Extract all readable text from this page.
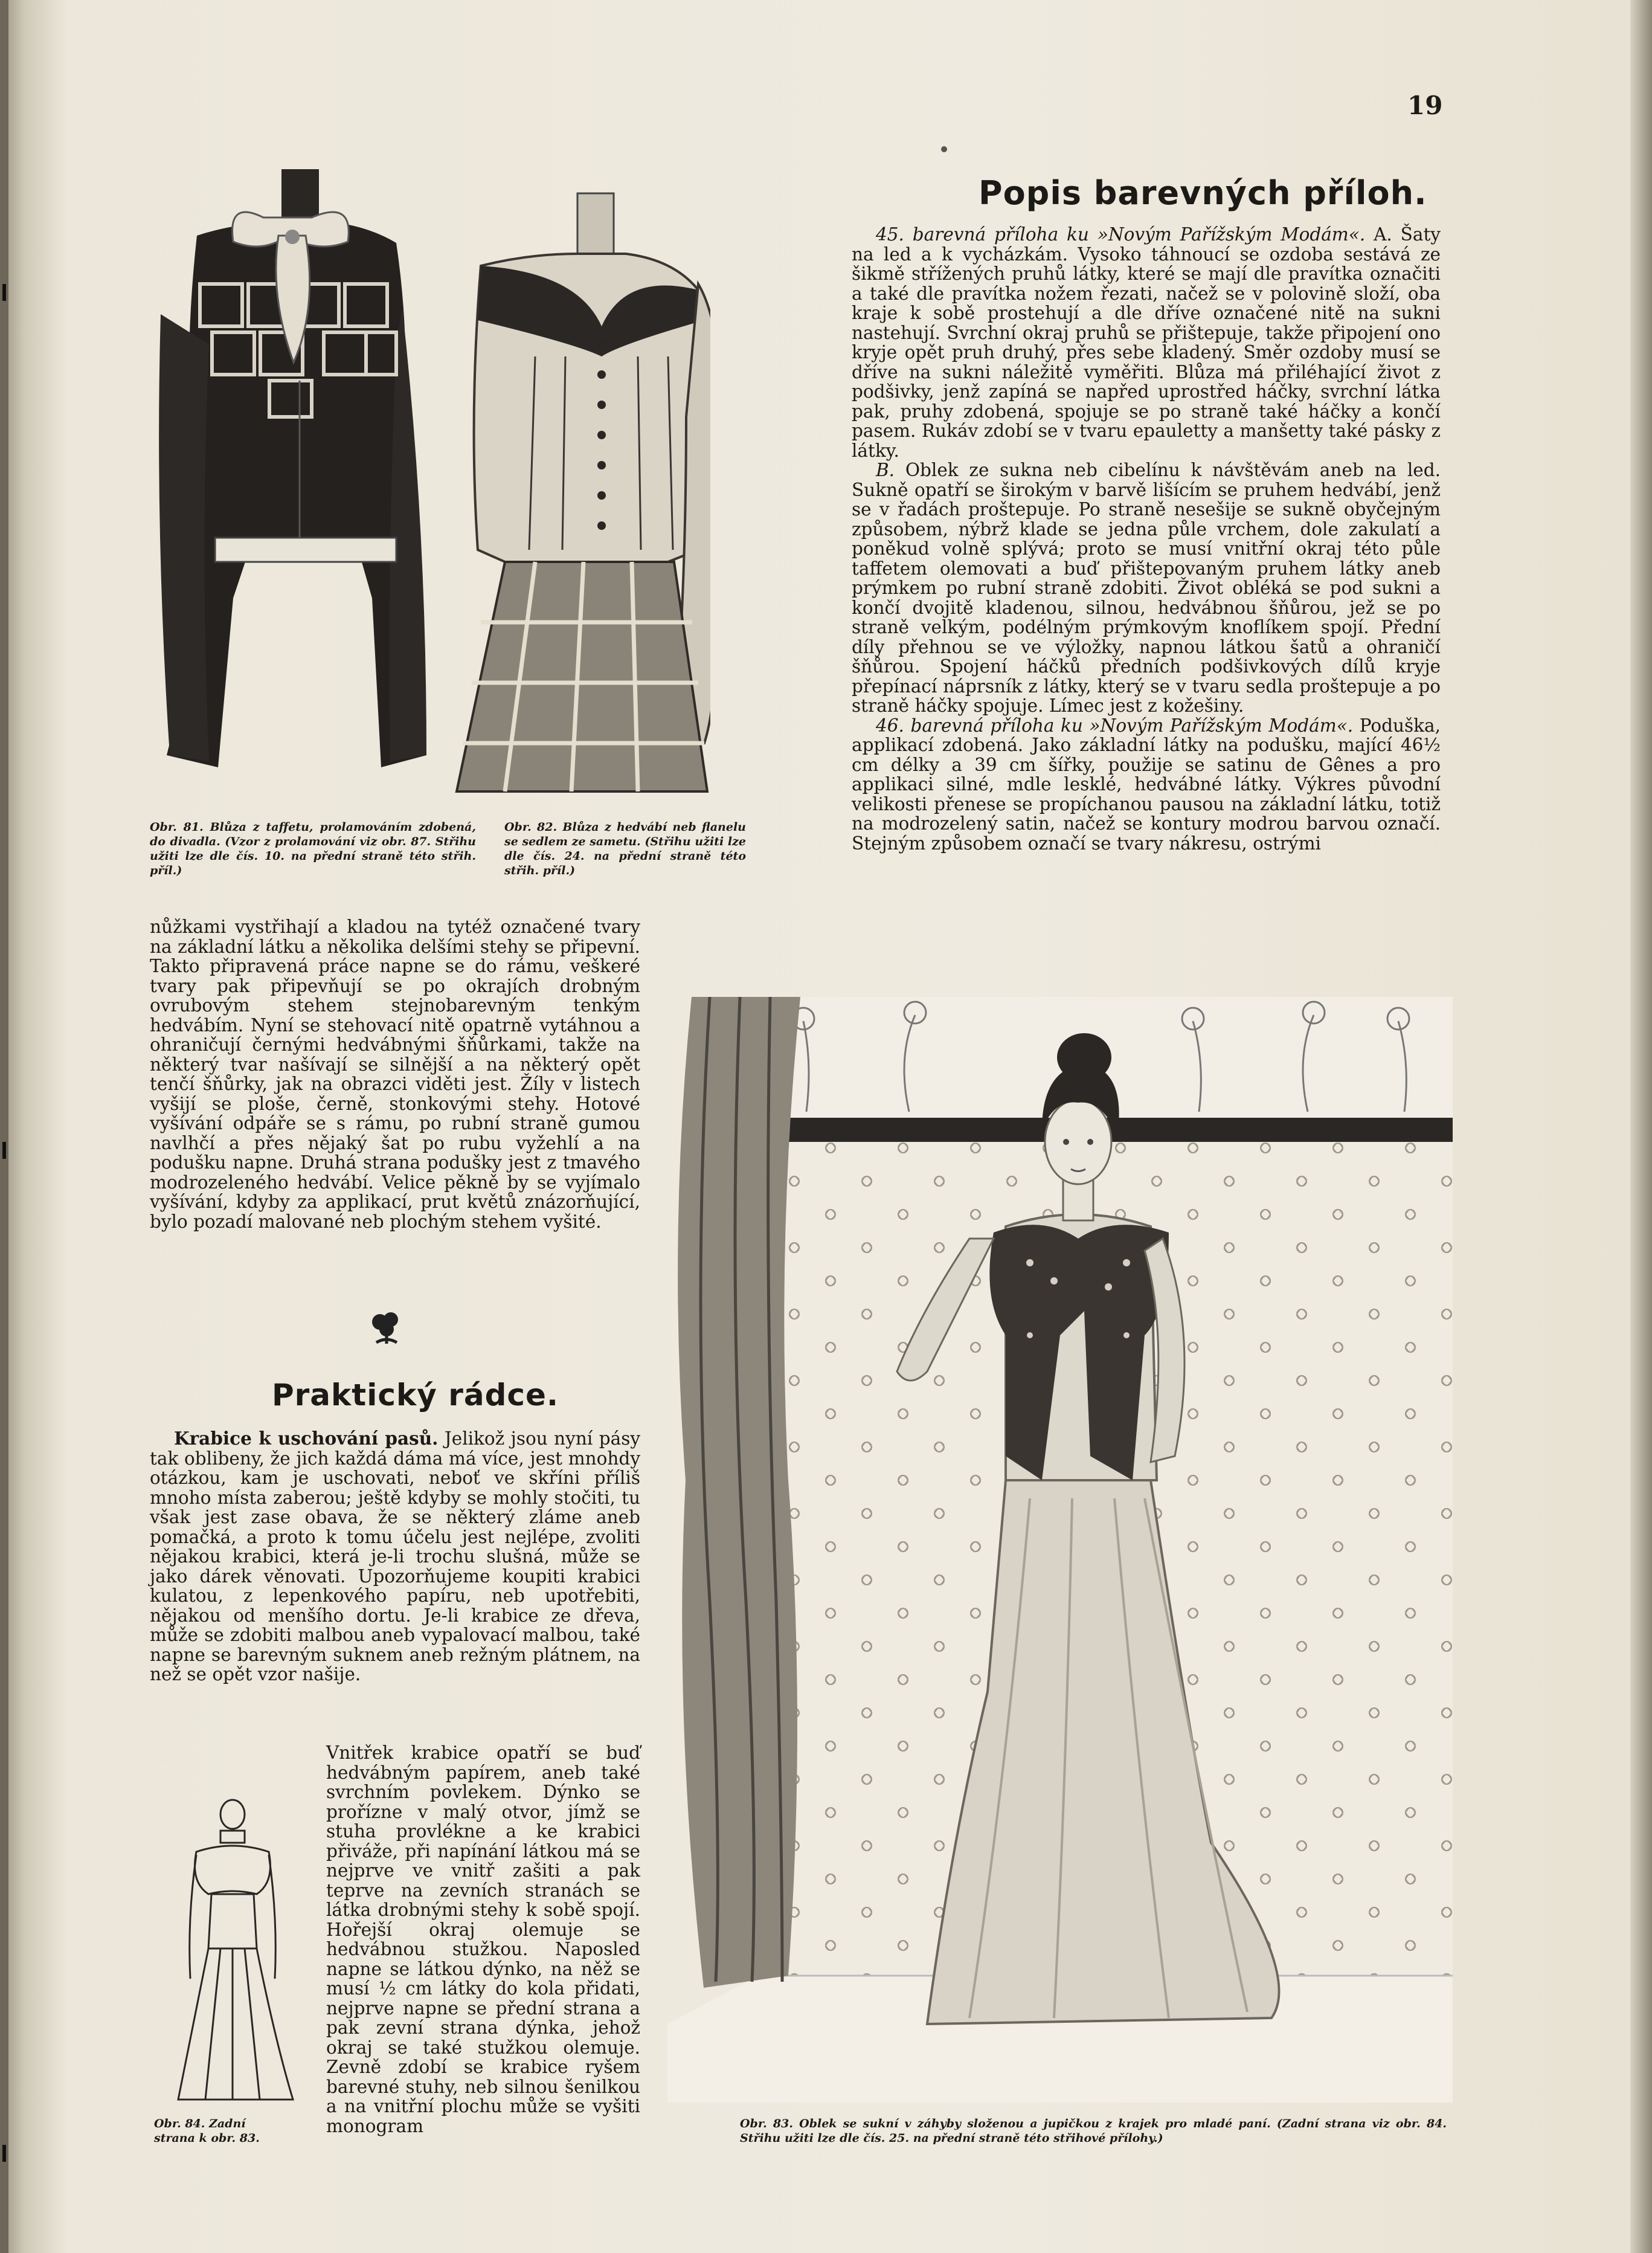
19
Obr. 81. Blůza z taffetu, prolamováním zdobená, do divadla. (Vzor z prolamování viz obr. 87. Střihu užiti lze dle čís. 10. na přední straně této střih. příl.)
Obr. 82. Blůza z hedvábí neb flanelu se sedlem ze sametu. (Střihu užiti lze dle čís. 24. na přední straně této střih. příl.)
Popis barevných příloh.

45. barevná příloha ku »Novým Pařížským Modám«. A. Šaty na led a k vycházkám. Vysoko táhnoucí se ozdoba sestává ze šikmě střížených pruhů látky, které se mají dle pravítka označiti a také dle pravítka nožem řezati, načež se v polovině složí, oba kraje k sobě prostehují a dle dříve označené nitě na sukni nastehují. Svrchní okraj pruhů se přištepuje, takže připojení ono kryje opět pruh druhý, přes sebe kladený. Směr ozdoby musí se dříve na sukni náležitě vyměřiti. Blůza má přiléhající život z podšivky, jenž zapíná se napřed uprostřed háčky, svrchní látka pak, pruhy zdobená, spojuje se po straně také háčky a končí pasem. Rukáv zdobí se v tvaru epauletty a manšetty také pásky z látky.

B. Oblek ze sukna neb cibelínu k návštěvám aneb na led. Sukně opatří se širokým v barvě lišícím se pruhem hedvábí, jenž se v řadách proštepuje. Po straně nesešije se sukně obyčejným způsobem, nýbrž klade se jedna půle vrchem, dole zakulatí a poněkud volně splývá; proto se musí vnitřní okraj této půle taffetem olemovati a buď přištepovaným pruhem látky aneb prýmkem po rubní straně zdobiti. Život obléká se pod sukni a končí dvojitě kladenou, silnou, hedvábnou šňůrou, jež se po straně velkým, podélným prýmkovým knoflíkem spojí. Přední díly přehnou se ve výložky, napnou látkou šatů a ohraničí šňůrou. Spojení háčků předních podšivkových dílů kryje přepínací náprsník z látky, který se v tvaru sedla proštepuje a po straně háčky spojuje. Límec jest z kožešiny.

46. barevná příloha ku »Novým Pařížským Modám«. Poduška, applikací zdobená. Jako základní látky na podušku, mající 46½ cm délky a 39 cm šířky, použije se satinu de Gênes a pro applikaci silné, mdle lesklé, hedvábné látky. Výkres původní velikosti přenese se propíchanou pausou na základní látku, totiž na modrozelený satin, načež se kontury modrou barvou označí. Stejným způsobem označí se tvary nákresu, ostrými

nůžkami vystřihají a kladou na tytéž označené tvary na základní látku a několika delšími stehy se připevní. Takto připravená práce napne se do rámu, veškeré tvary pak připevňují se po okrajích drobným ovrubovým stehem stejnobarevným tenkým hedvábím. Nyní se stehovací nitě opatrně vytáhnou a ohraničují černými hedvábnými šňůrkami, takže na některý tvar našívají se silnější a na některý opět tenčí šňůrky, jak na obrazci viděti jest. Žíly v listech vyšijí se ploše, černě, stonkovými stehy. Hotové vyšívání odpáře se s rámu, po rubní straně gumou navlhčí a přes nějaký šat po rubu vyžehlí a na podušku napne. Druhá strana podušky jest z tmavého modrozeleného hedvábí. Velice pěkně by se vyjímalo vyšívání, kdyby za applikací, prut květů znázorňující, bylo pozadí malované neb plochým stehem vyšité.

Praktický rádce.

Krabice k uschování pasů. Jelikož jsou nyní pásy tak oblibeny, že jich každá dáma má více, jest mnohdy otázkou, kam je uschovati, neboť ve skříni příliš mnoho místa zaberou; ještě kdyby se mohly stočiti, tu však jest zase obava, že se některý zláme aneb pomačká, a proto k tomu účelu jest nejlépe, zvoliti nějakou krabici, která je-li trochu slušná, může se jako dárek věnovati. Upozorňujeme koupiti krabici kulatou, z lepenkového papíru, neb upotřebiti, nějakou od menšího dortu. Je-li krabice ze dřeva, může se zdobiti malbou aneb vypalovací malbou, také napne se barevným suknem aneb režným plátnem, na než se opět vzor našije.

Vnitřek krabice opatří se buď hedvábným papírem, aneb také svrchním povlekem. Dýnko se prořízne v malý otvor, jímž se stuha provlékne a ke krabici přiváže, při napínání látkou má se nejprve ve vnitř zašiti a pak teprve na zevních stranách se látka drobnými stehy k sobě spojí. Hořejší okraj olemuje se hedvábnou stužkou. Naposled napne se látkou dýnko, na něž se musí ½ cm látky do kola přidati, nejprve napne se přední strana a pak zevní strana dýnka, jehož okraj se také stužkou olemuje. Zevně zdobí se krabice ryšem barevné stuhy, neb silnou šenilkou a na vnitřní plochu může se vyšiti monogram

Obr. 84. Zadní strana k obr. 83.
Obr. 83. Oblek se sukní v záhyby složenou a jupičkou z krajek pro mladé paní. (Zadní strana viz obr. 84. Střihu užiti lze dle čís. 25. na přední straně této střihové přílohy.)
